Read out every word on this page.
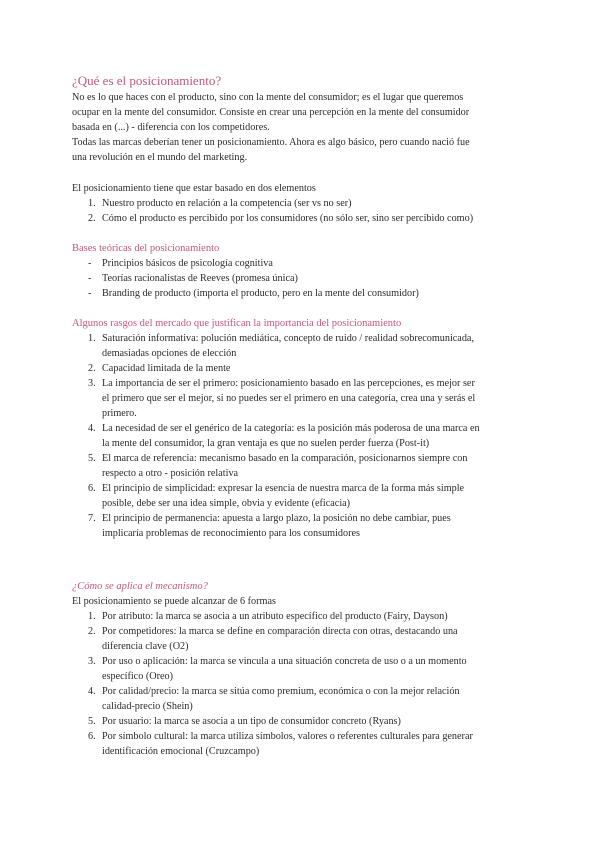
¿Qué es el posicionamiento?

No es lo que haces con el producto, sino con la mente del consumidor; es el lugar que queremos

ocupar en la mente del consumidor. Consiste en crear una percepción en la mente del consumidor

basada en (...) - diferencia con los competidores.

Todas las marcas deberían tener un posicionamiento. Ahora es algo básico, pero cuando nació fue

una revolución en el mundo del marketing.

El posicionamiento tiene que estar basado en dos elementos

1. Nuestro producto en relación a la competencia (ser vs no ser)
2. Cómo el producto es percibido por los consumidores (no sólo ser, sino ser percibido como)

Bases teóricas del posicionamiento

- Principios básicos de psicología cognitiva
- Teorías racionalistas de Reeves (promesa única)
- Branding de producto (importa el producto, pero en la mente del consumidor)

Algunos rasgos del mercado que justifican la importancia del posicionamiento

1. Saturación informativa: polución mediática, concepto de ruido / realidad sobrecomunicada,
demasiadas opciones de elección
2. Capacidad limitada de la mente
3. La importancia de ser el primero: posicionamiento basado en las percepciones, es mejor ser
el primero que ser el mejor, si no puedes ser el primero en una categoría, crea una y serás el
primero.
4. La necesidad de ser el genérico de la categoría: es la posición más poderosa de una marca en
la mente del consumidor, la gran ventaja es que no suelen perder fuerza (Post-it)
5. El marca de referencia: mecanismo basado en la comparación, posicionarnos siempre con
respecto a otro - posición relativa
6. El principio de simplicidad: expresar la esencia de nuestra marca de la forma más simple
posible, debe ser una idea simple, obvia y evidente (eficacia)
7. El principio de permanencia: apuesta a largo plazo, la posición no debe cambiar, pues
implicaría problemas de reconocimiento para los consumidores

¿Cómo se aplica el mecanismo?

El posicionamiento se puede alcanzar de 6 formas

1. Por atributo: la marca se asocia a un atributo específico del producto (Fairy, Dayson)
2. Por competidores: la marca se define en comparación directa con otras, destacando una
diferencia clave (O2)
3. Por uso o aplicación: la marca se vincula a una situación concreta de uso o a un momento
específico (Oreo)
4. Por calidad/precio: la marca se sitúa como premium, económica o con la mejor relación
calidad-precio (Shein)
5. Por usuario: la marca se asocia a un tipo de consumidor concreto (Ryans)
6. Por símbolo cultural: la marca utiliza símbolos, valores o referentes culturales para generar
identificación emocional (Cruzcampo)
